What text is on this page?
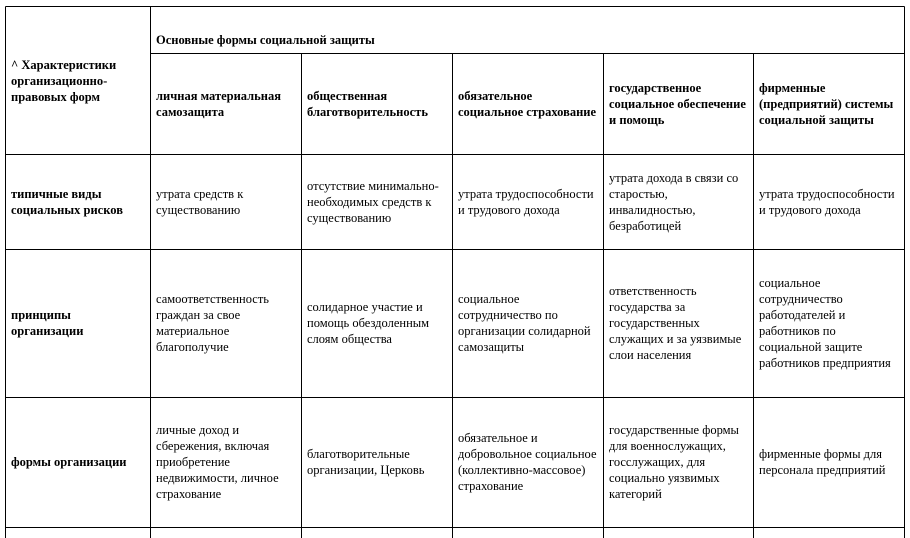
^ Характеристики организационно-правовых форм
Основные формы социальной защиты
личная материальная самозащита
общественная благотворительность
обязательное социальное страхование
государственное социальное обеспечение и помощь
фирменные (предприятий) системы социальной защиты
типичные виды социальных рисков
утрата средств к существованию
отсутствие минимально-необходимых средств к существованию
утрата трудоспособности и трудового дохода
утрата дохода в связи со старостью, инвалидностью, безработицей
утрата трудоспособности и трудового дохода
принципы организации
самоответственность граждан за свое материальное благополучие
солидарное участие и помощь обездоленным слоям общества
социальное сотрудничество по организации солидарной самозащиты
ответственность государства за государственных служащих и за уязвимые слои населения
социальное сотрудничество работодателей и работников по социальной защите работников предприятия
формы организации
личные доход и сбережения, включая приобретение недвижимости, личное страхование
благотворительные организации, Церковь
обязательное и добровольное социальное (коллективно-массовое) страхование
государственные формы для военнослужащих, госслужащих, для социально уязвимых категорий
фирменные формы для персонала предприятий
